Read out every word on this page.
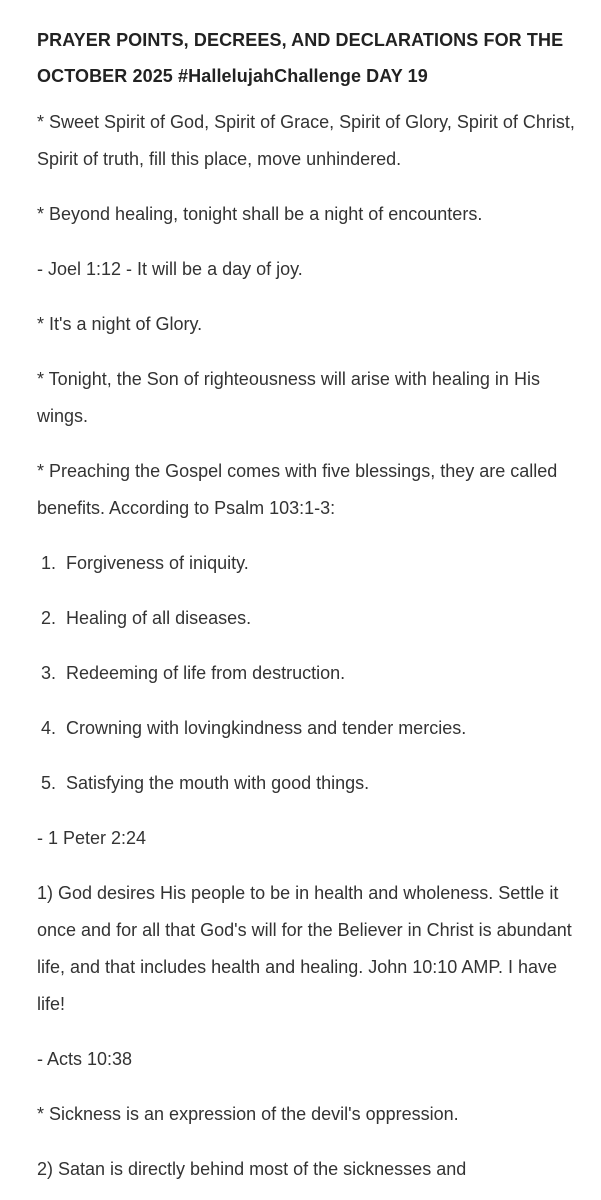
PRAYER POINTS, DECREES, AND DECLARATIONS FOR THE OCTOBER 2025 #HallelujahChallenge DAY 19

* Sweet Spirit of God, Spirit of Grace, Spirit of Glory, Spirit of Christ, Spirit of truth, fill this place, move unhindered.

* Beyond healing, tonight shall be a night of encounters.

- Joel 1:12 - It will be a day of joy.

* It's a night of Glory.

* Tonight, the Son of righteousness will arise with healing in His wings.

* Preaching the Gospel comes with five blessings, they are called benefits. According to Psalm 103:1-3:

1. Forgiveness of iniquity.
2. Healing of all diseases.
3. Redeeming of life from destruction.
4. Crowning with lovingkindness and tender mercies.
5. Satisfying the mouth with good things.

- 1 Peter 2:24

1) God desires His people to be in health and wholeness. Settle it once and for all that God's will for the Believer in Christ is abundant life, and that includes health and healing. John 10:10 AMP. I have life!

- Acts 10:38

* Sickness is an expression of the devil's oppression.

2) Satan is directly behind most of the sicknesses and
